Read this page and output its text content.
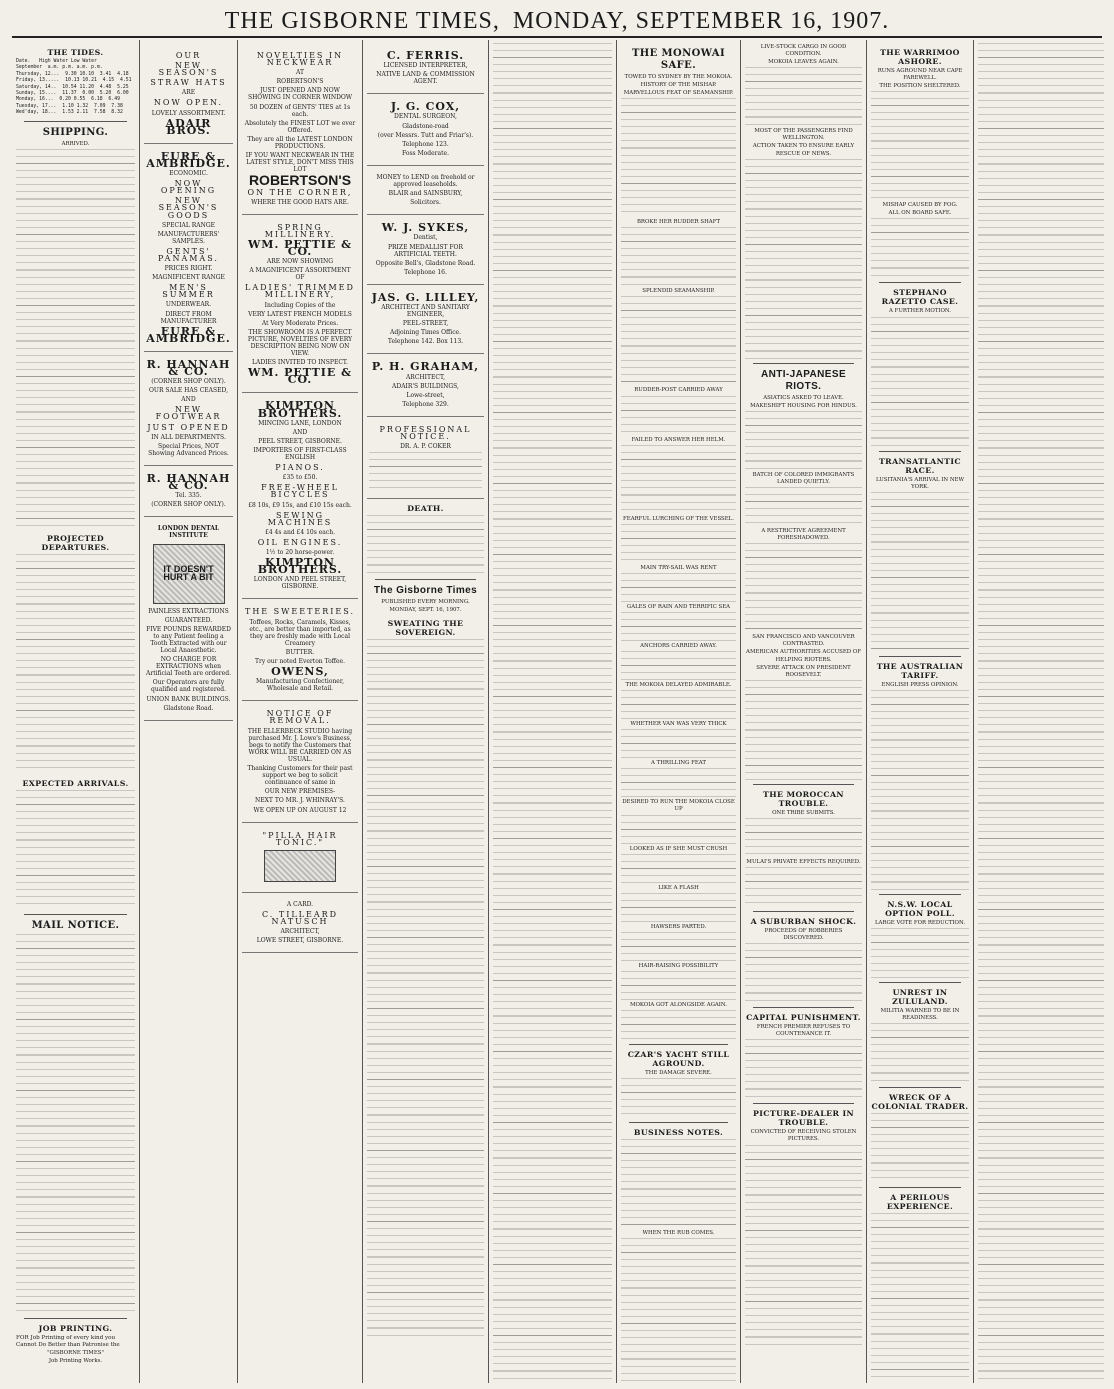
THE GISBORNE TIMES, MONDAY, SEPTEMBER 16, 1907.
THE TIDES.
Date.   High Water Low Water
September  a.m. p.m. a.m. p.m.
Thursday, 12...  9.30 10.10  3.41  4.18
Friday, 13.....  10.13 10.21  4.15  4.51
Saturday, 14..  10.54 11.20  4.48  5.25
Sunday, 15....  11.37  0.00  5.20  6.00
Monday, 16...  0.20 0.55  6.18  6.49
Tuesday, 17...  1.10 1.32  7.09  7.38
Wed'day, 18...  1.53 2.11  7.58  8.32
SHIPPING.
ARRIVED.
PROJECTED DEPARTURES.
EXPECTED ARRIVALS.
MAIL NOTICE.
JOB PRINTING.
FOR Job Printing of every kind you Cannot Do Better than Patronise the
"GISBORNE TIMES"
Job Printing Works.
OUR
NEW SEASON'S
STRAW HATS
ARE
NOW OPEN.
LOVELY ASSORTMENT.
ADAIR BROS.
EURE & AMBRIDGE.
ECONOMIC.
NOW OPENING
NEW SEASON'S GOODS
SPECIAL RANGE
MANUFACTURERS' SAMPLES.
GENTS' PANAMAS.
PRICES RIGHT.
MAGNIFICENT RANGE
MEN'S SUMMER
UNDERWEAR.
DIRECT FROM MANUFACTURER
EURE & AMBRIDGE.
R. HANNAH & CO.
(CORNER SHOP ONLY).
OUR SALE HAS CEASED,
AND
NEW FOOTWEAR
JUST OPENED
IN ALL DEPARTMENTS.
Special Prices, NOT Showing Advanced Prices.
R. HANNAH & CO.
Tel. 335.
(CORNER SHOP ONLY).
LONDON DENTAL INSTITUTE
IT DOESN'T HURT A BIT
PAINLESS EXTRACTIONS
GUARANTEED.
FIVE POUNDS REWARDED to any Patient feeling a Tooth Extracted with our Local Anaesthetic.
NO CHARGE FOR EXTRACTIONS when Artificial Teeth are ordered.
Our Operators are fully qualified and registered.
UNION BANK BUILDINGS.
Gladstone Road.
NOVELTIES IN NECKWEAR
AT
ROBERTSON'S
JUST OPENED AND NOW SHOWING IN CORNER WINDOW
50 DOZEN of GENTS' TIES at 1s each.
Absolutely the FINEST LOT we ever Offered.
They are all the LATEST LONDON PRODUCTIONS.
IF YOU WANT NECKWEAR IN THE LATEST STYLE, DON'T MISS THIS LOT
ROBERTSON'S
ON THE CORNER,
WHERE THE GOOD HATS ARE.
SPRING MILLINERY.
WM. PETTIE & CO.
ARE NOW SHOWING
A MAGNIFICENT ASSORTMENT OF
LADIES' TRIMMED MILLINERY,
Including Copies of the
VERY LATEST FRENCH MODELS
At Very Moderate Prices.
THE SHOWROOM IS A PERFECT PICTURE, NOVELTIES OF EVERY DESCRIPTION BEING NOW ON VIEW.
LADIES INVITED TO INSPECT.
WM. PETTIE & CO.
KIMPTON BROTHERS.
MINCING LANE, LONDON
AND
PEEL STREET, GISBORNE.
IMPORTERS OF FIRST-CLASS ENGLISH
PIANOS.
£35 to £50.
FREE-WHEEL BICYCLES
£8 10s, £9 15s, and £10 15s each.
SEWING MACHINES
£4 4s and £4 10s each.
OIL ENGINES.
1½ to 20 horse-power.
KIMPTON BROTHERS.
LONDON AND PEEL STREET, GISBORNE.
THE SWEETERIES.
Toffees, Rocks, Caramels, Kisses, etc., are better than imported, as they are freshly made with Local Creamery
BUTTER.
Try our noted Everton Toffee.
OWENS,
Manufacturing Confectioner, Wholesale and Retail.
NOTICE OF REMOVAL.
THE ELLERBECK STUDIO having purchased Mr. J. Lowe's Business, begs to notify the Customers that WORK WILL BE CARRIED ON AS USUAL.
Thanking Customers for their past support we beg to solicit continuance of same in
OUR NEW PREMISES-
NEXT TO MR. J. WHINRAY'S.
WE OPEN UP ON AUGUST 12
"PILLA HAIR TONIC."
A CARD.
C. TILLEARD NATUSCH
ARCHITECT,
LOWE STREET, GISBORNE.
C. FERRIS.
LICENSED INTERPRETER,
NATIVE LAND & COMMISSION AGENT.
J. G. COX,
DENTAL SURGEON,
Gladstone-road
(over Messrs. Tutt and Friar's).
Telephone 123.
Foss Moderate.
MONEY to LEND on freehold or approved leaseholds.
BLAIR and SAINSBURY,
Solicitors.
W. J. SYKES,
Dentist,
PRIZE MEDALLIST FOR ARTIFICIAL TEETH.
Opposite Bell's, Gladstone Road.
Telephone 16.
JAS. G. LILLEY,
ARCHITECT AND SANITARY ENGINEER,
PEEL-STREET,
Adjoining Times Office.
Telephone 142. Box 113.
P. H. GRAHAM,
ARCHITECT,
ADAIR'S BUILDINGS,
Lowe-street,
Telephone 329.
PROFESSIONAL NOTICE.
DR. A. P. COKER
DEATH.
The Gisborne Times
PUBLISHED EVERY MORNING.
MONDAY, SEPT. 16, 1907.
SWEATING THE SOVEREIGN.
THE MONOWAI SAFE.
TOWED TO SYDNEY BY THE MOKOIA.
HISTORY OF THE MISHAP.
MARVELLOUS FEAT OF SEAMANSHIP.
BROKE HER RUDDER SHAFT
SPLENDID SEAMANSHIP.
RUDDER-POST CARRIED AWAY
FAILED TO ANSWER HER HELM.
FEARFUL LURCHING OF THE VESSEL.
MAIN TRY-SAIL WAS RENT
GALES OF RAIN AND TERRIFIC SEA
ANCHORS CARRIED AWAY.
THE MOKOIA DELAYED ADMIRABLE.
WHETHER VAN WAS VERY THICK
A THRILLING FEAT
DESIRED TO RUN THE MOKOIA CLOSE UP
LOOKED AS IF SHE MUST CRUSH
LIKE A FLASH
HAWSERS PARTED.
HAIR-RAISING POSSIBILITY
MOKOIA GOT ALONGSIDE AGAIN.
CZAR'S YACHT STILL AGROUND.
THE DAMAGE SEVERE.
BUSINESS NOTES.
WHEN THE RUB COMES.
LIVE-STOCK CARGO IN GOOD CONDITION.
MOKOIA LEAVES AGAIN.
MOST OF THE PASSENGERS FIND WELLINGTON.
ACTION TAKEN TO ENSURE EARLY RESCUE OF NEWS.
ANTI-JAPANESE RIOTS.
ASIATICS ASKED TO LEAVE.
MAKESHIFT HOUSING FOR HINDUS.
BATCH OF COLORED IMMIGRANTS LANDED QUIETLY.
A RESTRICTIVE AGREEMENT FORESHADOWED.
SAN FRANCISCO AND VANCOUVER CONTRASTED.
AMERICAN AUTHORITIES ACCUSED OF HELPING RIOTERS.
SEVERE ATTACK ON PRESIDENT ROOSEVELT.
THE MOROCCAN TROUBLE.
ONE TRIBE SUBMITS.
MULAI'S PRIVATE EFFECTS REQUIRED.
A SUBURBAN SHOCK.
PROCEEDS OF ROBBERIES DISCOVERED.
CAPITAL PUNISHMENT.
FRENCH PREMIER REFUSES TO COUNTENANCE IT.
PICTURE-DEALER IN TROUBLE.
CONVICTED OF RECEIVING STOLEN PICTURES.
THE WARRIMOO ASHORE.
RUNS AGROUND NEAR CAPE FAREWELL.
THE POSITION SHELTERED.
MISHAP CAUSED BY FOG.
ALL ON BOARD SAFE.
STEPHANO RAZETTO CASE.
A FURTHER MOTION.
TRANSATLANTIC RACE.
LUSITANIA'S ARRIVAL IN NEW YORK.
THE AUSTRALIAN TARIFF.
ENGLISH PRESS OPINION.
N.S.W. LOCAL OPTION POLL.
LARGE VOTE FOR REDUCTION.
UNREST IN ZULULAND.
MILITIA WARNED TO BE IN READINESS.
WRECK OF A COLONIAL TRADER.
A PERILOUS EXPERIENCE.
